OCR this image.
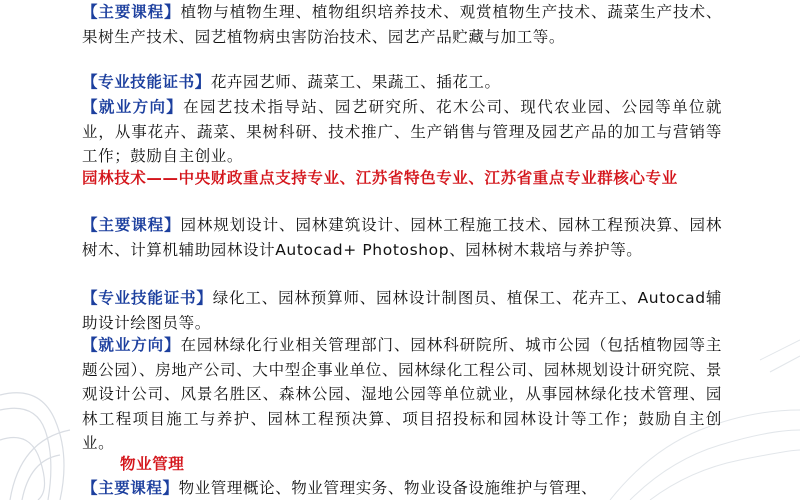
【主要课程】植物与植物生理、植物组织培养技术、观赏植物生产技术、蔬菜生产技术、果树生产技术、园艺植物病虫害防治技术、园艺产品贮藏与加工等。

【专业技能证书】花卉园艺师、蔬菜工、果蔬工、插花工。

【就业方向】在园艺技术指导站、园艺研究所、花木公司、现代农业园、公园等单位就业，从事花卉、蔬菜、果树科研、技术推广、生产销售与管理及园艺产品的加工与营销等工作；鼓励自主创业。

园林技术——中央财政重点支持专业、江苏省特色专业、江苏省重点专业群核心专业

【主要课程】园林规划设计、园林建筑设计、园林工程施工技术、园林工程预决算、园林树木、计算机辅助园林设计Autocad+ Photoshop、园林树木栽培与养护等。

【专业技能证书】绿化工、园林预算师、园林设计制图员、植保工、花卉工、Autocad辅助设计绘图员等。

【就业方向】在园林绿化行业相关管理部门、园林科研院所、城市公园（包括植物园等主题公园）、房地产公司、大中型企事业单位、园林绿化工程公司、园林规划设计研究院、景观设计公司、风景名胜区、森林公园、湿地公园等单位就业，从事园林绿化技术管理、园林工程项目施工与养护、园林工程预决算、项目招投标和园林设计等工作；鼓励自主创业。

物业管理

【主要课程】物业管理概论、物业管理实务、物业设备设施维护与管理、
